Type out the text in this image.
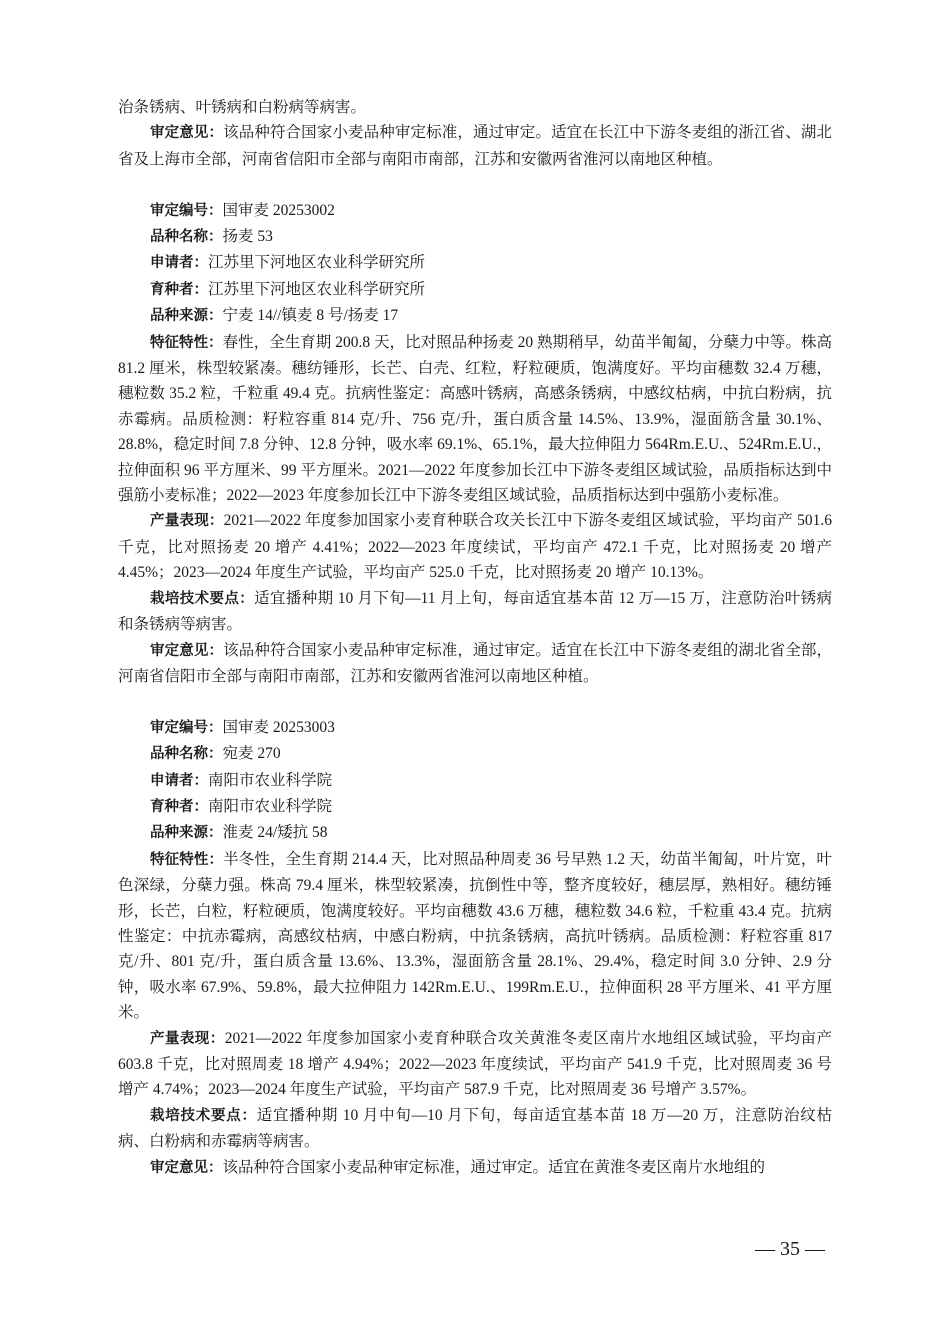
治条锈病、叶锈病和白粉病等病害。

审定意见：该品种符合国家小麦品种审定标准，通过审定。适宜在长江中下游冬麦组的浙江省、湖北省及上海市全部，河南省信阳市全部与南阳市南部，江苏和安徽两省淮河以南地区种植。

审定编号：国审麦 20253002

品种名称：扬麦 53

申请者：江苏里下河地区农业科学研究所

育种者：江苏里下河地区农业科学研究所

品种来源：宁麦 14//镇麦 8 号/扬麦 17

特征特性：春性，全生育期 200.8 天，比对照品种扬麦 20 熟期稍早，幼苗半匍匐，分蘖力中等。株高 81.2 厘米，株型较紧凑。穗纺锤形，长芒、白壳、红粒，籽粒硬质，饱满度好。平均亩穗数 32.4 万穗，穗粒数 35.2 粒，千粒重 49.4 克。抗病性鉴定：高感叶锈病，高感条锈病，中感纹枯病，中抗白粉病，抗赤霉病。品质检测：籽粒容重 814 克/升、756 克/升，蛋白质含量 14.5%、13.9%，湿面筋含量 30.1%、28.8%，稳定时间 7.8 分钟、12.8 分钟，吸水率 69.1%、65.1%，最大拉伸阻力 564Rm.E.U.、524Rm.E.U.，拉伸面积 96 平方厘米、99 平方厘米。2021—2022 年度参加长江中下游冬麦组区域试验，品质指标达到中强筋小麦标准；2022—2023 年度参加长江中下游冬麦组区域试验，品质指标达到中强筋小麦标准。

产量表现：2021—2022 年度参加国家小麦育种联合攻关长江中下游冬麦组区域试验，平均亩产 501.6 千克，比对照扬麦 20 增产 4.41%；2022—2023 年度续试，平均亩产 472.1 千克，比对照扬麦 20 增产 4.45%；2023—2024 年度生产试验，平均亩产 525.0 千克，比对照扬麦 20 增产 10.13%。

栽培技术要点：适宜播种期 10 月下旬—11 月上旬，每亩适宜基本苗 12 万—15 万，注意防治叶锈病和条锈病等病害。

审定意见：该品种符合国家小麦品种审定标准，通过审定。适宜在长江中下游冬麦组的湖北省全部，河南省信阳市全部与南阳市南部，江苏和安徽两省淮河以南地区种植。

审定编号：国审麦 20253003

品种名称：宛麦 270

申请者：南阳市农业科学院

育种者：南阳市农业科学院

品种来源：淮麦 24/矮抗 58

特征特性：半冬性，全生育期 214.4 天，比对照品种周麦 36 号早熟 1.2 天，幼苗半匍匐，叶片宽，叶色深绿，分蘖力强。株高 79.4 厘米，株型较紧凑，抗倒性中等，整齐度较好，穗层厚，熟相好。穗纺锤形，长芒，白粒，籽粒硬质，饱满度较好。平均亩穗数 43.6 万穗，穗粒数 34.6 粒，千粒重 43.4 克。抗病性鉴定：中抗赤霉病，高感纹枯病，中感白粉病，中抗条锈病，高抗叶锈病。品质检测：籽粒容重 817 克/升、801 克/升，蛋白质含量 13.6%、13.3%，湿面筋含量 28.1%、29.4%，稳定时间 3.0 分钟、2.9 分钟，吸水率 67.9%、59.8%，最大拉伸阻力 142Rm.E.U.、199Rm.E.U.，拉伸面积 28 平方厘米、41 平方厘米。

产量表现：2021—2022 年度参加国家小麦育种联合攻关黄淮冬麦区南片水地组区域试验，平均亩产 603.8 千克，比对照周麦 18 增产 4.94%；2022—2023 年度续试，平均亩产 541.9 千克，比对照周麦 36 号增产 4.74%；2023—2024 年度生产试验，平均亩产 587.9 千克，比对照周麦 36 号增产 3.57%。

栽培技术要点：适宜播种期 10 月中旬—10 月下旬，每亩适宜基本苗 18 万—20 万，注意防治纹枯病、白粉病和赤霉病等病害。

审定意见：该品种符合国家小麦品种审定标准，通过审定。适宜在黄淮冬麦区南片水地组的

— 35 —
